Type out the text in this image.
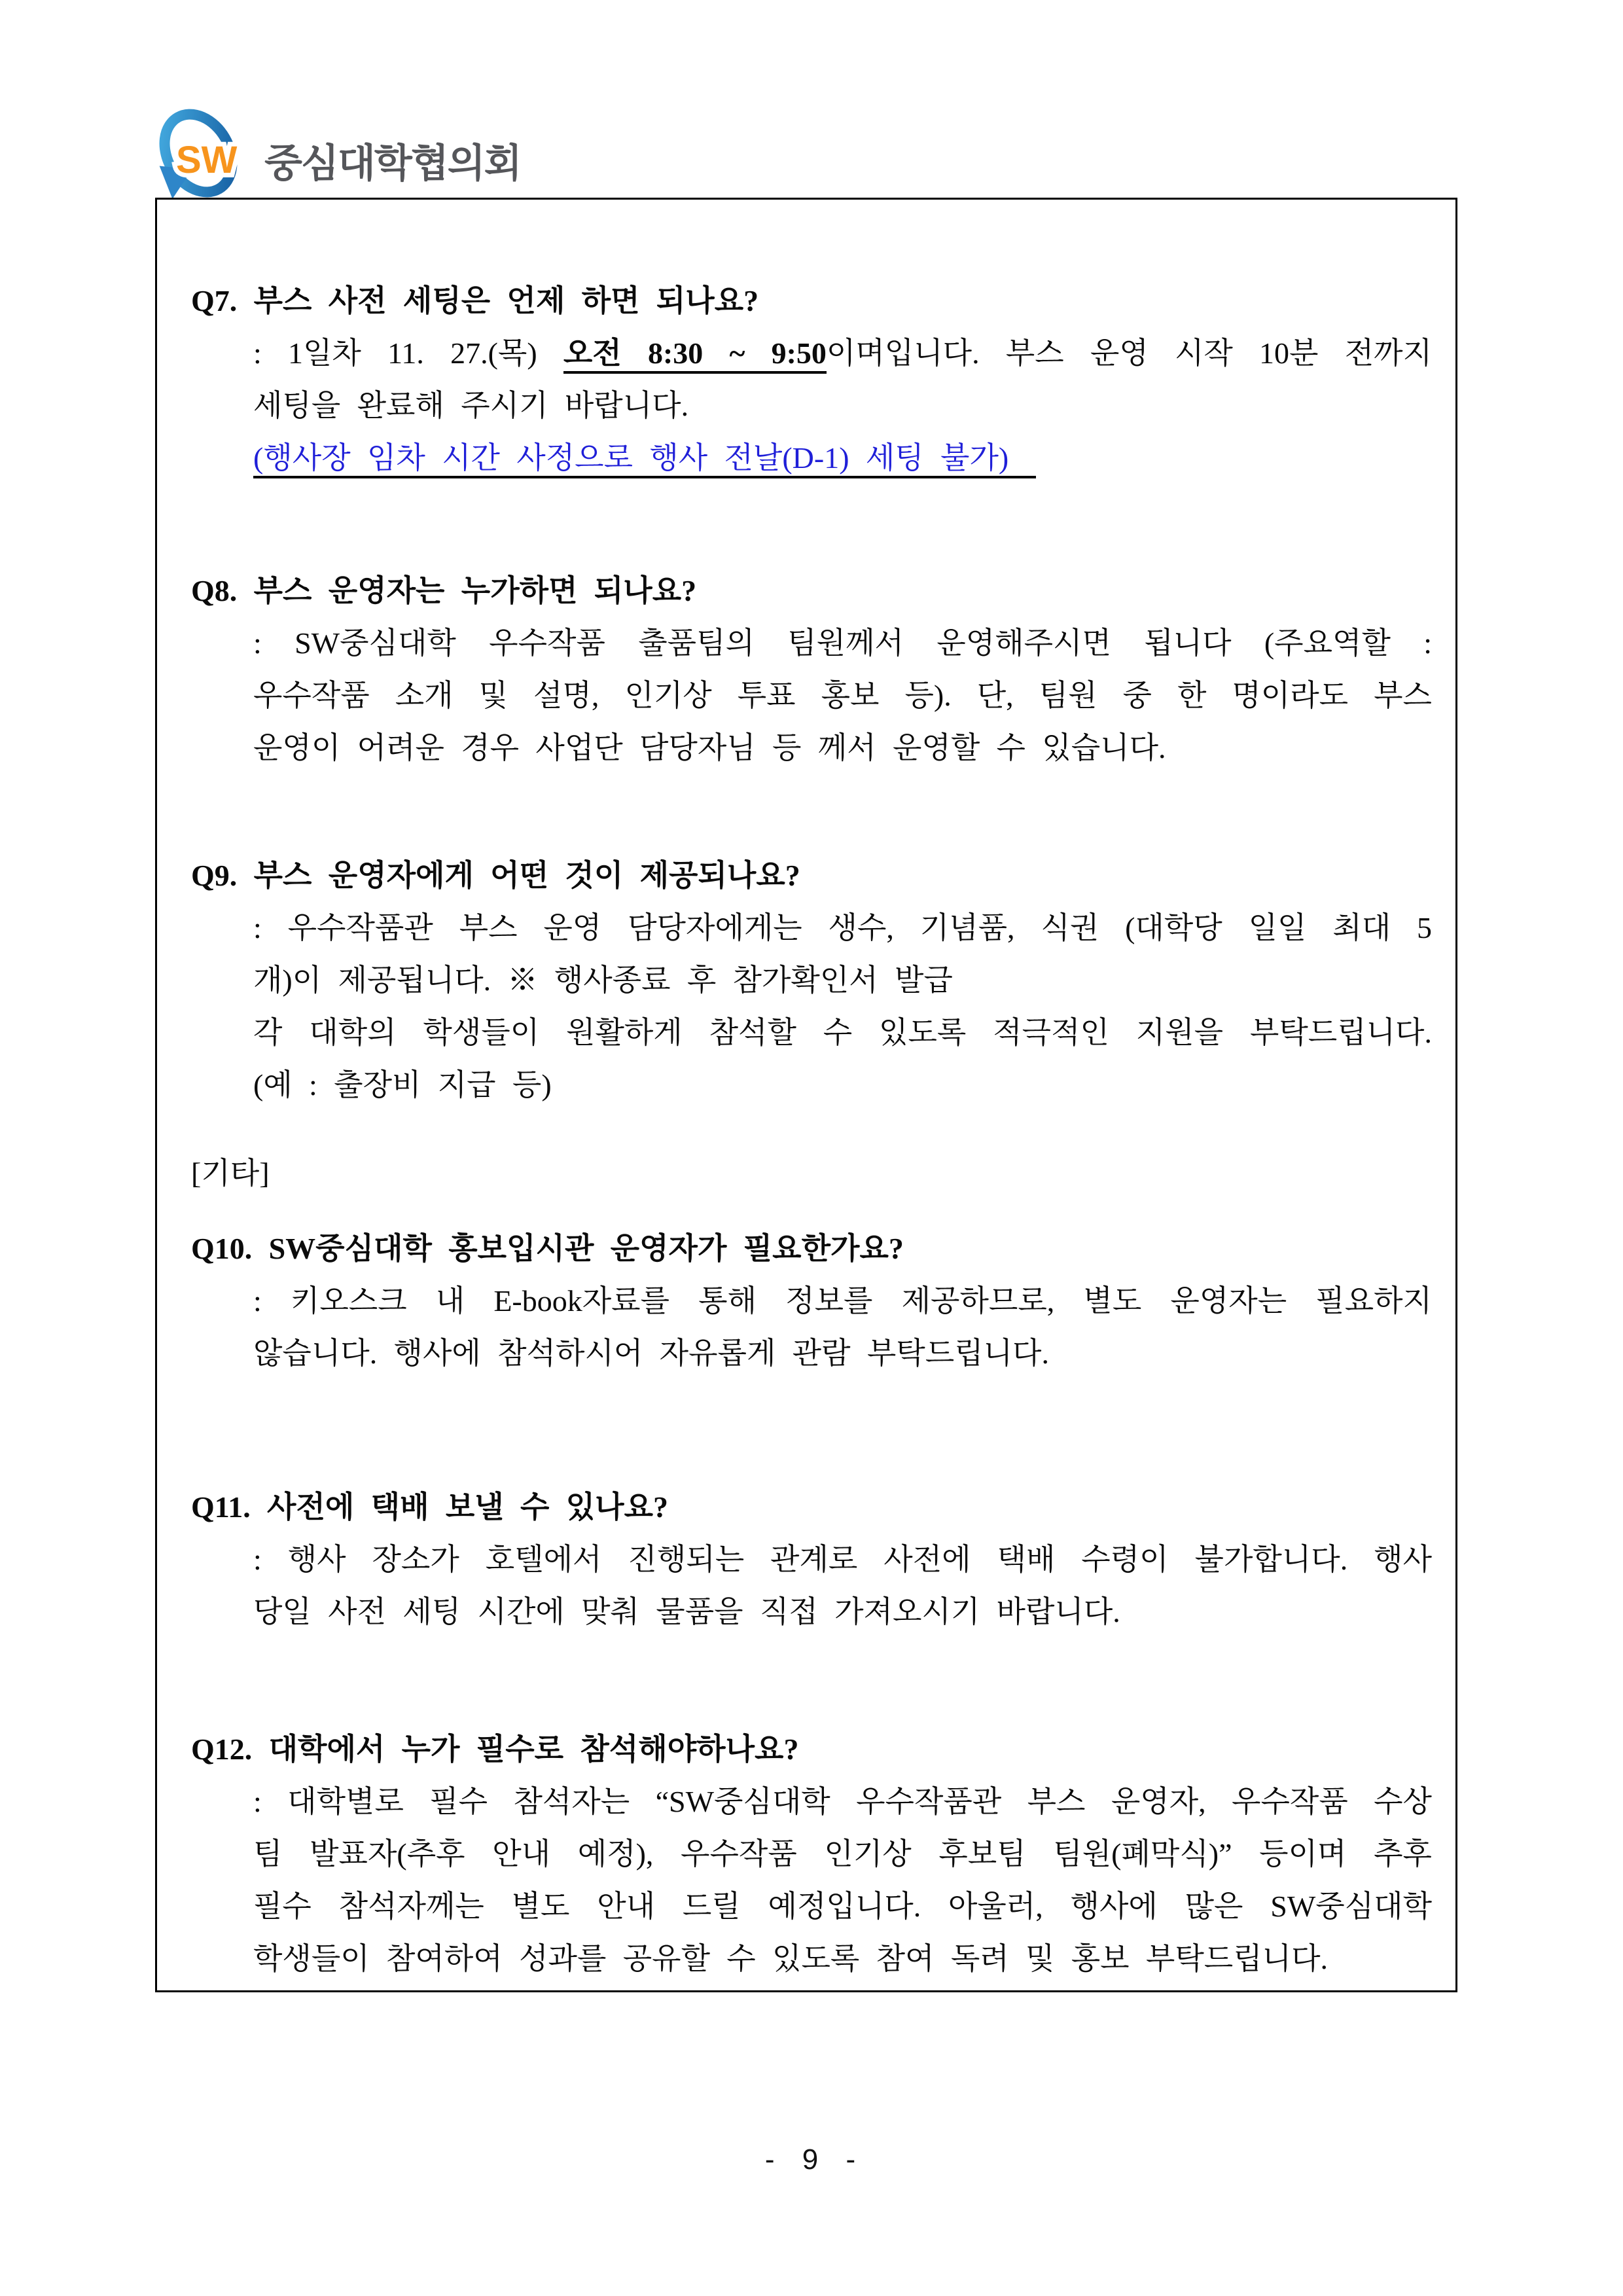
SW 중심대학협의회
Q7. 부스 사전 세팅은 언제 하면 되나요?
: 1일차 11. 27.(목) 오전 8:30 ~ 9:50이며입니다. 부스 운영 시작 10분 전까지
세팅을 완료해 주시기 바랍니다.
(행사장 임차 시간 사정으로 행사 전날(D-1) 세팅 불가)
Q8. 부스 운영자는 누가하면 되나요?
: SW중심대학 우수작품 출품팀의 팀원께서 운영해주시면 됩니다 (주요역할 :
우수작품 소개 및 설명, 인기상 투표 홍보 등). 단, 팀원 중 한 명이라도 부스
운영이 어려운 경우 사업단 담당자님 등 께서 운영할 수 있습니다.
Q9. 부스 운영자에게 어떤 것이 제공되나요?
: 우수작품관 부스 운영 담당자에게는 생수, 기념품, 식권 (대학당 일일 최대 5
개)이 제공됩니다. ※ 행사종료 후 참가확인서 발급
각 대학의 학생들이 원활하게 참석할 수 있도록 적극적인 지원을 부탁드립니다.
(예 : 출장비 지급 등)
[기타]
Q10. SW중심대학 홍보입시관 운영자가 필요한가요?
: 키오스크 내 E-book자료를 통해 정보를 제공하므로, 별도 운영자는 필요하지
않습니다. 행사에 참석하시어 자유롭게 관람 부탁드립니다.
Q11. 사전에 택배 보낼 수 있나요?
: 행사 장소가 호텔에서 진행되는 관계로 사전에 택배 수령이 불가합니다. 행사
당일 사전 세팅 시간에 맞춰 물품을 직접 가져오시기 바랍니다.
Q12. 대학에서 누가 필수로 참석해야하나요?
: 대학별로 필수 참석자는 “SW중심대학 우수작품관 부스 운영자, 우수작품 수상
팀 발표자(추후 안내 예정), 우수작품 인기상 후보팀 팀원(폐막식)” 등이며 추후
필수 참석자께는 별도 안내 드릴 예정입니다. 아울러, 행사에 많은 SW중심대학
학생들이 참여하여 성과를 공유할 수 있도록 참여 독려 및 홍보 부탁드립니다.
- 9 -
